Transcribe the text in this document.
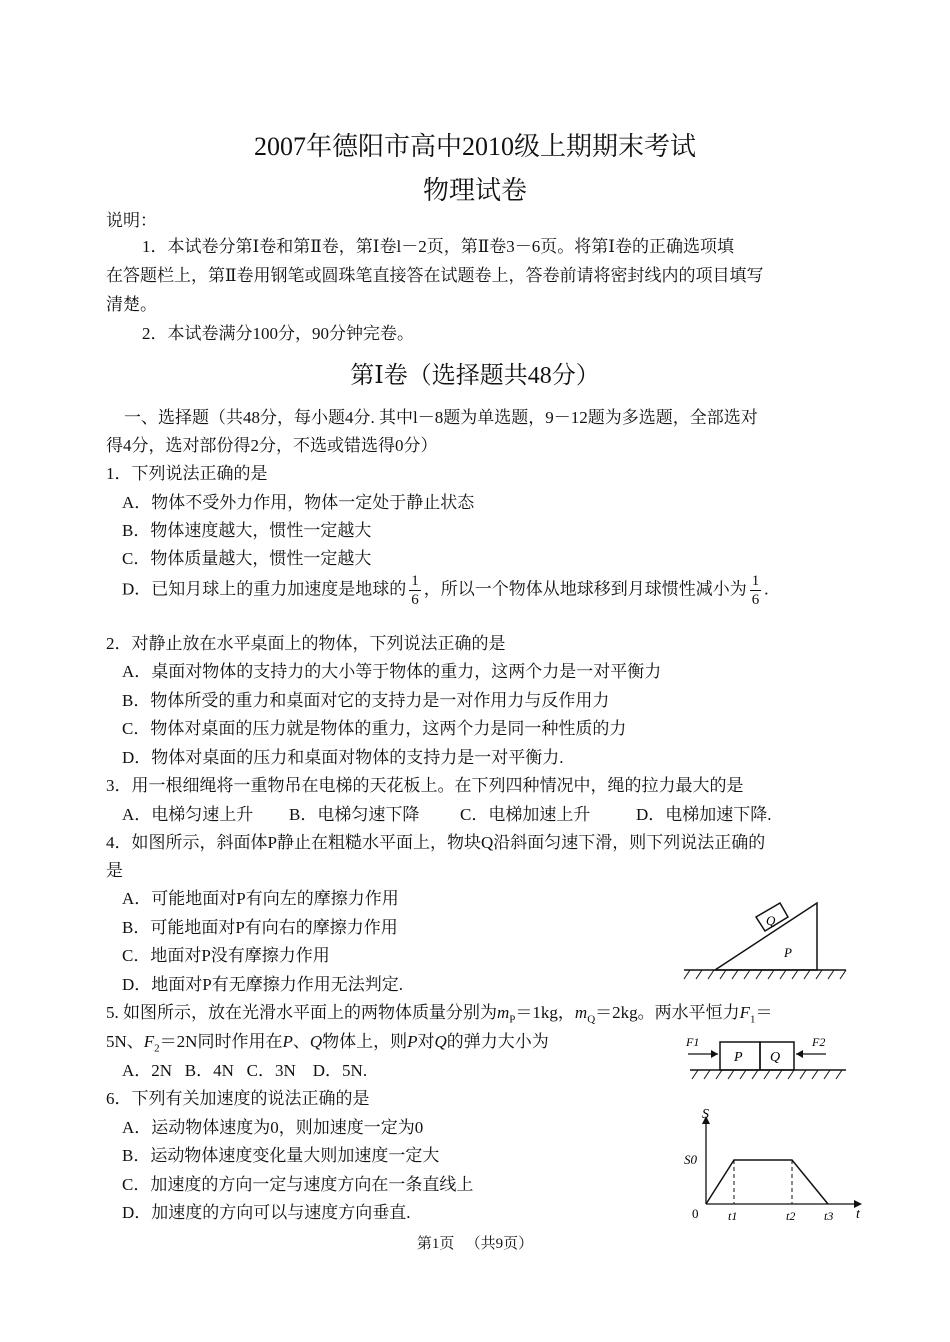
2007年德阳市高中2010级上期期末考试
物理试卷
说明：
1．本试卷分第Ⅰ卷和第Ⅱ卷，第Ⅰ卷l－2页，第Ⅱ卷3－6页。将第Ⅰ卷的正确选项填
在答题栏上，第Ⅱ卷用钢笔或圆珠笔直接答在试题卷上，答卷前请将密封线内的项目填写
清楚。
2．本试卷满分100分，90分钟完卷。
第Ⅰ卷（选择题共48分）
一、选择题（共48分，每小题4分. 其中l－8题为单选题，9－12题为多选题，全部选对
得4分，选对部份得2分，不选或错选得0分）
1．下列说法正确的是
A．物体不受外力作用，物体一定处于静止状态
B．物体速度越大，惯性一定越大
C．物体质量越大，惯性一定越大
D．已知月球上的重力加速度是地球的 $\frac{1}{6}$ ，所以一个物体从地球移到月球惯性减小为 $\frac{1}{6}$ .
2．对静止放在水平桌面上的物体，下列说法正确的是
A．桌面对物体的支持力的大小等于物体的重力，这两个力是一对平衡力
B．物体所受的重力和桌面对它的支持力是一对作用力与反作用力
C．物体对桌面的压力就是物体的重力，这两个力是同一种性质的力
D．物体对桌面的压力和桌面对物体的支持力是一对平衡力.
3．用一根细绳将一重物吊在电梯的天花板上。在下列四种情况中，绳的拉力最大的是
A．电梯匀速上升 B．电梯匀速下降 C．电梯加速上升	D．电梯加速下降.
4．如图所示，斜面体P静止在粗糙水平面上，物块Q沿斜面匀速下滑，则下列说法正确的
是
A．可能地面对P有向左的摩擦力作用
B．可能地面对P有向右的摩擦力作用
C．地面对P没有摩擦力作用
D．地面对P有无摩擦力作用无法判定.
Q
P
5. 如图所示，放在光滑水平面上的两物体质量分别为$m_P=1kg$，$m_Q=2kg$。两水平恒力$F_1=$
5N、$F_2=2N$同时作用在P、Q物体上，则P对Q的弹力大小为
A．2N   B．4N   C．3N    D．5N.
P Q
F1	F2
6．下列有关加速度的说法正确的是
A．运动物体速度为0，则加速度一定为0
B．运动物体速度变化量大则加速度一定大
C．加速度的方向一定与速度方向在一条直线上
D．加速度的方向可以与速度方向垂直.
S
S0
0	t
t1	t2 t3
第1页   （共9页）
